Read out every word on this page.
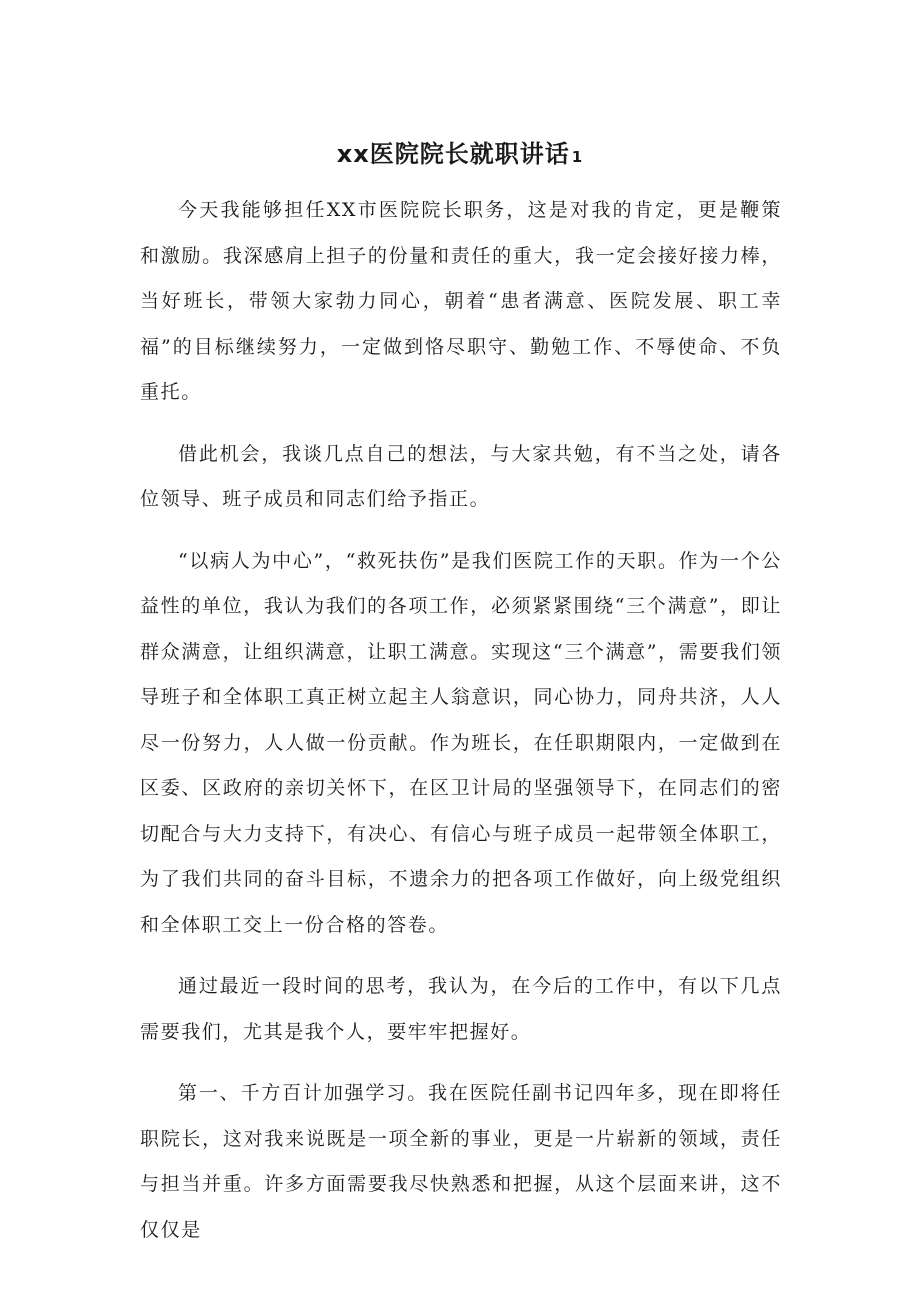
xx医院院长就职讲话 1

今天我能够担任XX市医院院长职务，这是对我的肯定，更是鞭策和激励。我深感肩上担子的份量和责任的重大，我一定会接好接力棒，当好班长，带领大家勃力同心，朝着“患者满意、医院发展、职工幸福”的目标继续努力，一定做到恪尽职守、勤勉工作、不辱使命、不负重托。

借此机会，我谈几点自己的想法，与大家共勉，有不当之处，请各位领导、班子成员和同志们给予指正。

“以病人为中心”，“救死扶伤”是我们医院工作的天职。作为一个公益性的单位，我认为我们的各项工作，必须紧紧围绕“三个满意”，即让群众满意，让组织满意，让职工满意。实现这“三个满意”，需要我们领导班子和全体职工真正树立起主人翁意识，同心协力，同舟共济，人人尽一份努力，人人做一份贡献。作为班长，在任职期限内，一定做到在区委、区政府的亲切关怀下，在区卫计局的坚强领导下，在同志们的密切配合与大力支持下，有决心、有信心与班子成员一起带领全体职工，为了我们共同的奋斗目标，不遗余力的把各项工作做好，向上级党组织和全体职工交上一份合格的答卷。

通过最近一段时间的思考，我认为，在今后的工作中，有以下几点需要我们，尤其是我个人，要牢牢把握好。

第一、千方百计加强学习。我在医院任副书记四年多，现在即将任职院长，这对我来说既是一项全新的事业，更是一片崭新的领域，责任与担当并重。许多方面需要我尽快熟悉和把握，从这个层面来讲，这不仅仅是
